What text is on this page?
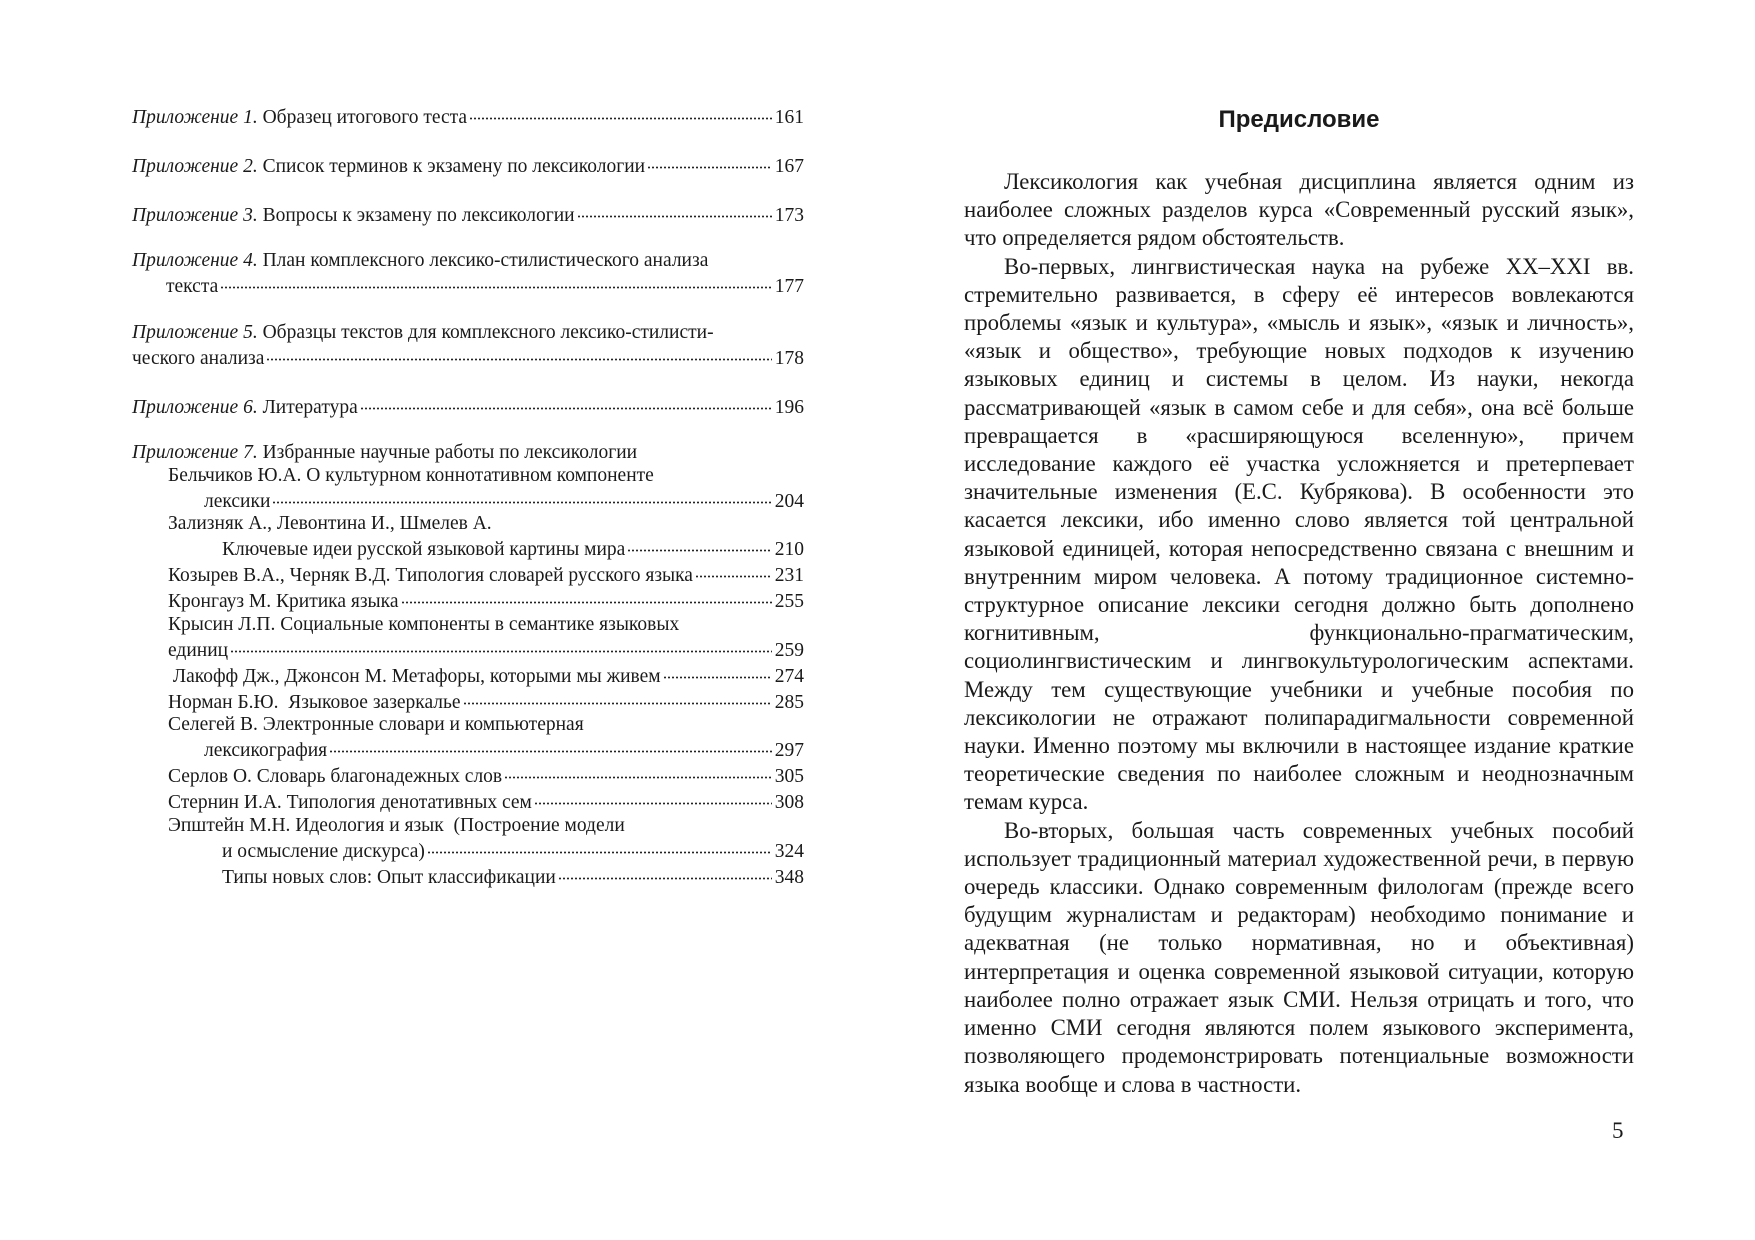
Приложение 1. Образец итогового теста	161
Приложение 2. Список терминов к экзамену по лексикологии	167
Приложение 3. Вопросы к экзамену по лексикологии	173
Приложение 4. План комплексного лексико-стилистического анализа
текста	177
Приложение 5. Образцы текстов для комплексного лексико-стилисти-
ческого анализа	178
Приложение 6. Литература	196
Приложение 7. Избранные научные работы по лексикологии
Бельчиков Ю.А. О культурном коннотативном компоненте
лексики	204
Зализняк А., Левонтина И., Шмелев А.
Ключевые идеи русской языковой картины мира	210
Козырев В.А., Черняк В.Д. Типология словарей русского языка	231
Кронгауз М. Критика языка	255
Крысин Л.П. Социальные компоненты в семантике языковых
единиц	259
Лакофф Дж., Джонсон М. Метафоры, которыми мы живем	274
Норман Б.Ю.  Языковое зазеркалье	285
Селегей В. Электронные словари и компьютерная
лексикография	297
Серлов О. Словарь благонадежных слов	305
Стернин И.А. Типология денотативных сем	308
Эпштейн М.Н. Идеология и язык  (Построение модели
и осмысление дискурса)	324
Типы новых слов: Опыт классификации	348
Предисловие

Лексикология как учебная дисциплина является одним из наиболее сложных разделов курса «Современный русский язык», что определяется рядом обстоятельств.

Во-первых, лингвистическая наука на рубеже XX–XXI вв. стремительно развивается, в сферу её интересов вовлекаются проблемы «язык и культура», «мысль и язык», «язык и личность», «язык и общество», требующие новых подходов к изучению языковых единиц и системы в целом. Из науки, некогда рассматривающей «язык в самом себе и для себя», она всё больше превращается в «расширяющуюся вселенную», причем исследование каждого её участка усложняется и претерпевает значительные изменения (Е.С. Кубрякова). В особенности это касается лексики, ибо именно слово является той центральной языковой единицей, которая непосредственно связана с внешним и внутренним миром человека. А потому традиционное системно-структурное описание лексики сегодня должно быть дополнено когнитивным, функционально-прагматическим, социолингвистическим и лингвокультурологическим аспектами. Между тем существующие учебники и учебные пособия по лексикологии не отражают полипарадигмальности современной науки. Именно поэтому мы включили в настоящее издание краткие теоретические сведения по наиболее сложным и неоднозначным темам курса.

Во-вторых, большая часть современных учебных пособий использует традиционный материал художественной речи, в первую очередь классики. Однако современным филологам (прежде всего будущим журналистам и редакторам) необходимо понимание и адекватная (не только нормативная, но и объективная) интерпретация и оценка современной языковой ситуации, которую наиболее полно отражает язык СМИ. Нельзя отрицать и того, что именно СМИ сегодня являются полем языкового эксперимента, позволяющего продемонстрировать потенциальные возможности языка вообще и слова в частности.

5
